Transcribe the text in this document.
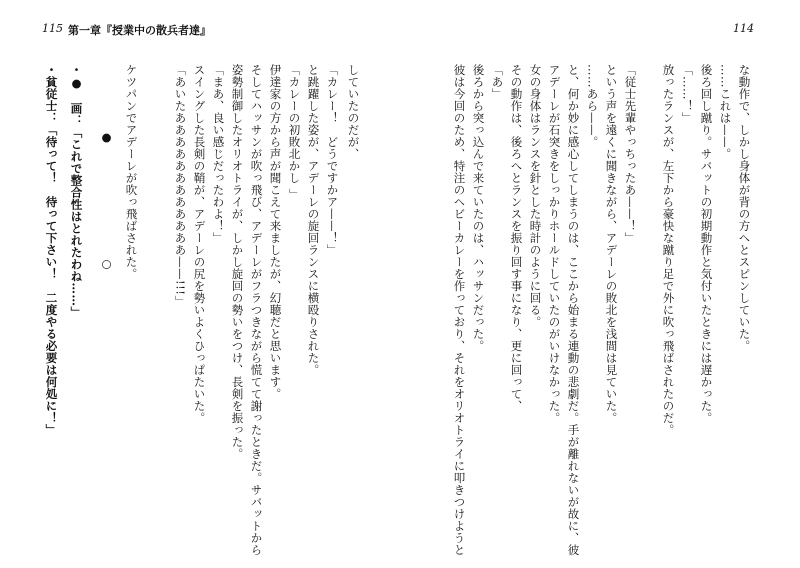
115 第一章『授業中の散兵者達』
していたのだが、
「カレー！　どうですかア——！」
と跳躍した姿が、アデーレの旋回ランスに横殴りされた。
「カレーの初敗北かし 」
伊達家の方から声が聞こえて来ましたが、幻聴だと思います。
そしてハッサンが吹っ飛び、アデーレがフラつきながら慌てて謝ったときだ。サバットから
姿勢制御したオリオトライが、しかし旋回の勢いをつけ、長剣を振った。
「まあ、良い感じだったわよ！」
スイングした長剣の鞘が、アデーレの尻を勢いよくひっぱたいた。
「あいたああああああああああああ——!!!」
ケツパンでアデーレが吹っ飛ばされた。
●　　　　　　　○
・●　画：「これで整合性はとれたわね……」
・貧従士：「待って！　待って下さい！　二度やる必要は何処に！」
114
な動作で、しかし身体が背の方へとスピンしていた。
……これは——。
後ろ回し蹴り。サバットの初期動作と気付いたときには遅かった。
「……！」
放ったランスが、左下から豪快な蹴り足で外に吹っ飛ばされたのだ。
「従士先輩やっちったあ——！」
という声を遠くに聞きながら、アデーレの敗北を浅間は見ていた。
……あら——。
と、何か妙に感心してしまうのは、ここから始まる連動の悲劇だ。手が離れないが故に、彼
アデーレが石突きをしっかりホールドしていたのがいけなかった。
女の身体はランスを針とした時計のように回る。
その動作は、後ろへとランスを振り回す事になり、更に回って、
「あ」
後ろから突っ込んで来ていたのは、ハッサンだった。
彼は今回のため、特注のヘビーカレーを作っており、それをオリオトライに叩きつけようと
